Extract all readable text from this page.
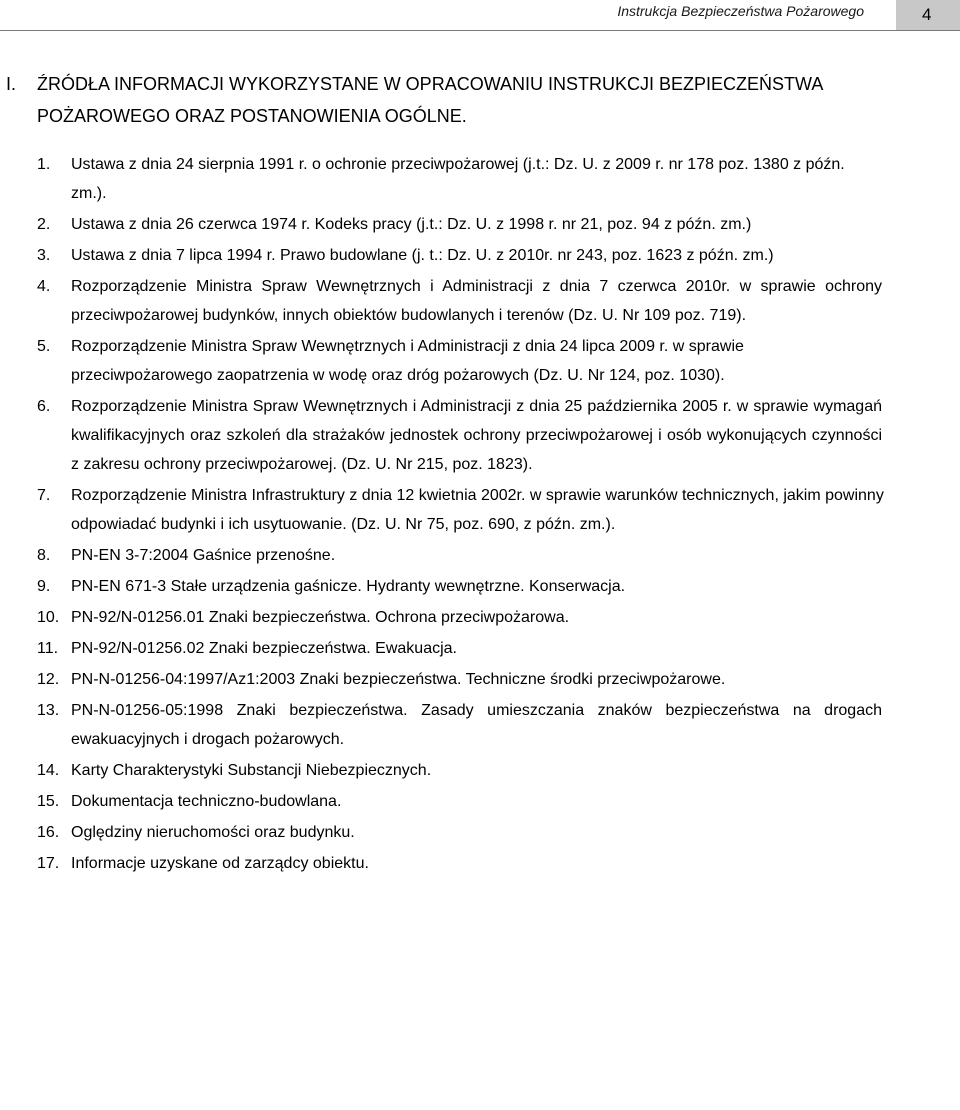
Instrukcja Bezpieczeństwa Pożarowego	4
I.	ŹRÓDŁA INFORMACJI WYKORZYSTANE W OPRACOWANIU INSTRUKCJI BEZPIECZEŃSTWA POŻAROWEGO ORAZ POSTANOWIENIA OGÓLNE.
1.	Ustawa z dnia 24 sierpnia 1991 r. o ochronie przeciwpożarowej (j.t.: Dz. U. z 2009 r. nr 178 poz. 1380 z późn. zm.).
2.	Ustawa z dnia 26 czerwca 1974 r. Kodeks pracy (j.t.: Dz. U. z 1998 r. nr 21, poz. 94 z późn. zm.)
3.	Ustawa z dnia 7 lipca 1994 r. Prawo budowlane (j. t.: Dz. U. z 2010r. nr 243, poz. 1623 z późn. zm.)
4.	Rozporządzenie Ministra Spraw Wewnętrznych i Administracji z dnia 7 czerwca 2010r. w sprawie ochrony przeciwpożarowej budynków, innych obiektów budowlanych i terenów (Dz. U. Nr 109 poz. 719).
5.	Rozporządzenie Ministra Spraw Wewnętrznych i Administracji z dnia 24 lipca 2009 r. w sprawie przeciwpożarowego zaopatrzenia w wodę oraz dróg pożarowych (Dz. U. Nr 124, poz. 1030).
6.	Rozporządzenie Ministra Spraw Wewnętrznych i Administracji z dnia 25 października 2005 r. w sprawie wymagań kwalifikacyjnych oraz szkoleń dla strażaków jednostek ochrony przeciwpożarowej i osób wykonujących czynności z zakresu ochrony przeciwpożarowej. (Dz. U. Nr 215, poz. 1823).
7.	Rozporządzenie Ministra Infrastruktury z dnia 12 kwietnia 2002r. w sprawie warunków technicznych, jakim powinny odpowiadać budynki i ich usytuowanie. (Dz. U. Nr 75, poz. 690, z późn. zm.).
8.	PN-EN 3-7:2004 Gaśnice przenośne.
9.	PN-EN 671-3 Stałe urządzenia gaśnicze. Hydranty wewnętrzne. Konserwacja.
10. PN-92/N-01256.01 Znaki bezpieczeństwa. Ochrona przeciwpożarowa.
11. PN-92/N-01256.02 Znaki bezpieczeństwa. Ewakuacja.
12. PN-N-01256-04:1997/Az1:2003 Znaki bezpieczeństwa. Techniczne środki przeciwpożarowe.
13. PN-N-01256-05:1998 Znaki bezpieczeństwa. Zasady umieszczania znaków bezpieczeństwa na drogach ewakuacyjnych i drogach pożarowych.
14. Karty Charakterystyki Substancji Niebezpiecznych.
15. Dokumentacja techniczno-budowlana.
16. Oględziny nieruchomości oraz budynku.
17. Informacje uzyskane od zarządcy obiektu.
